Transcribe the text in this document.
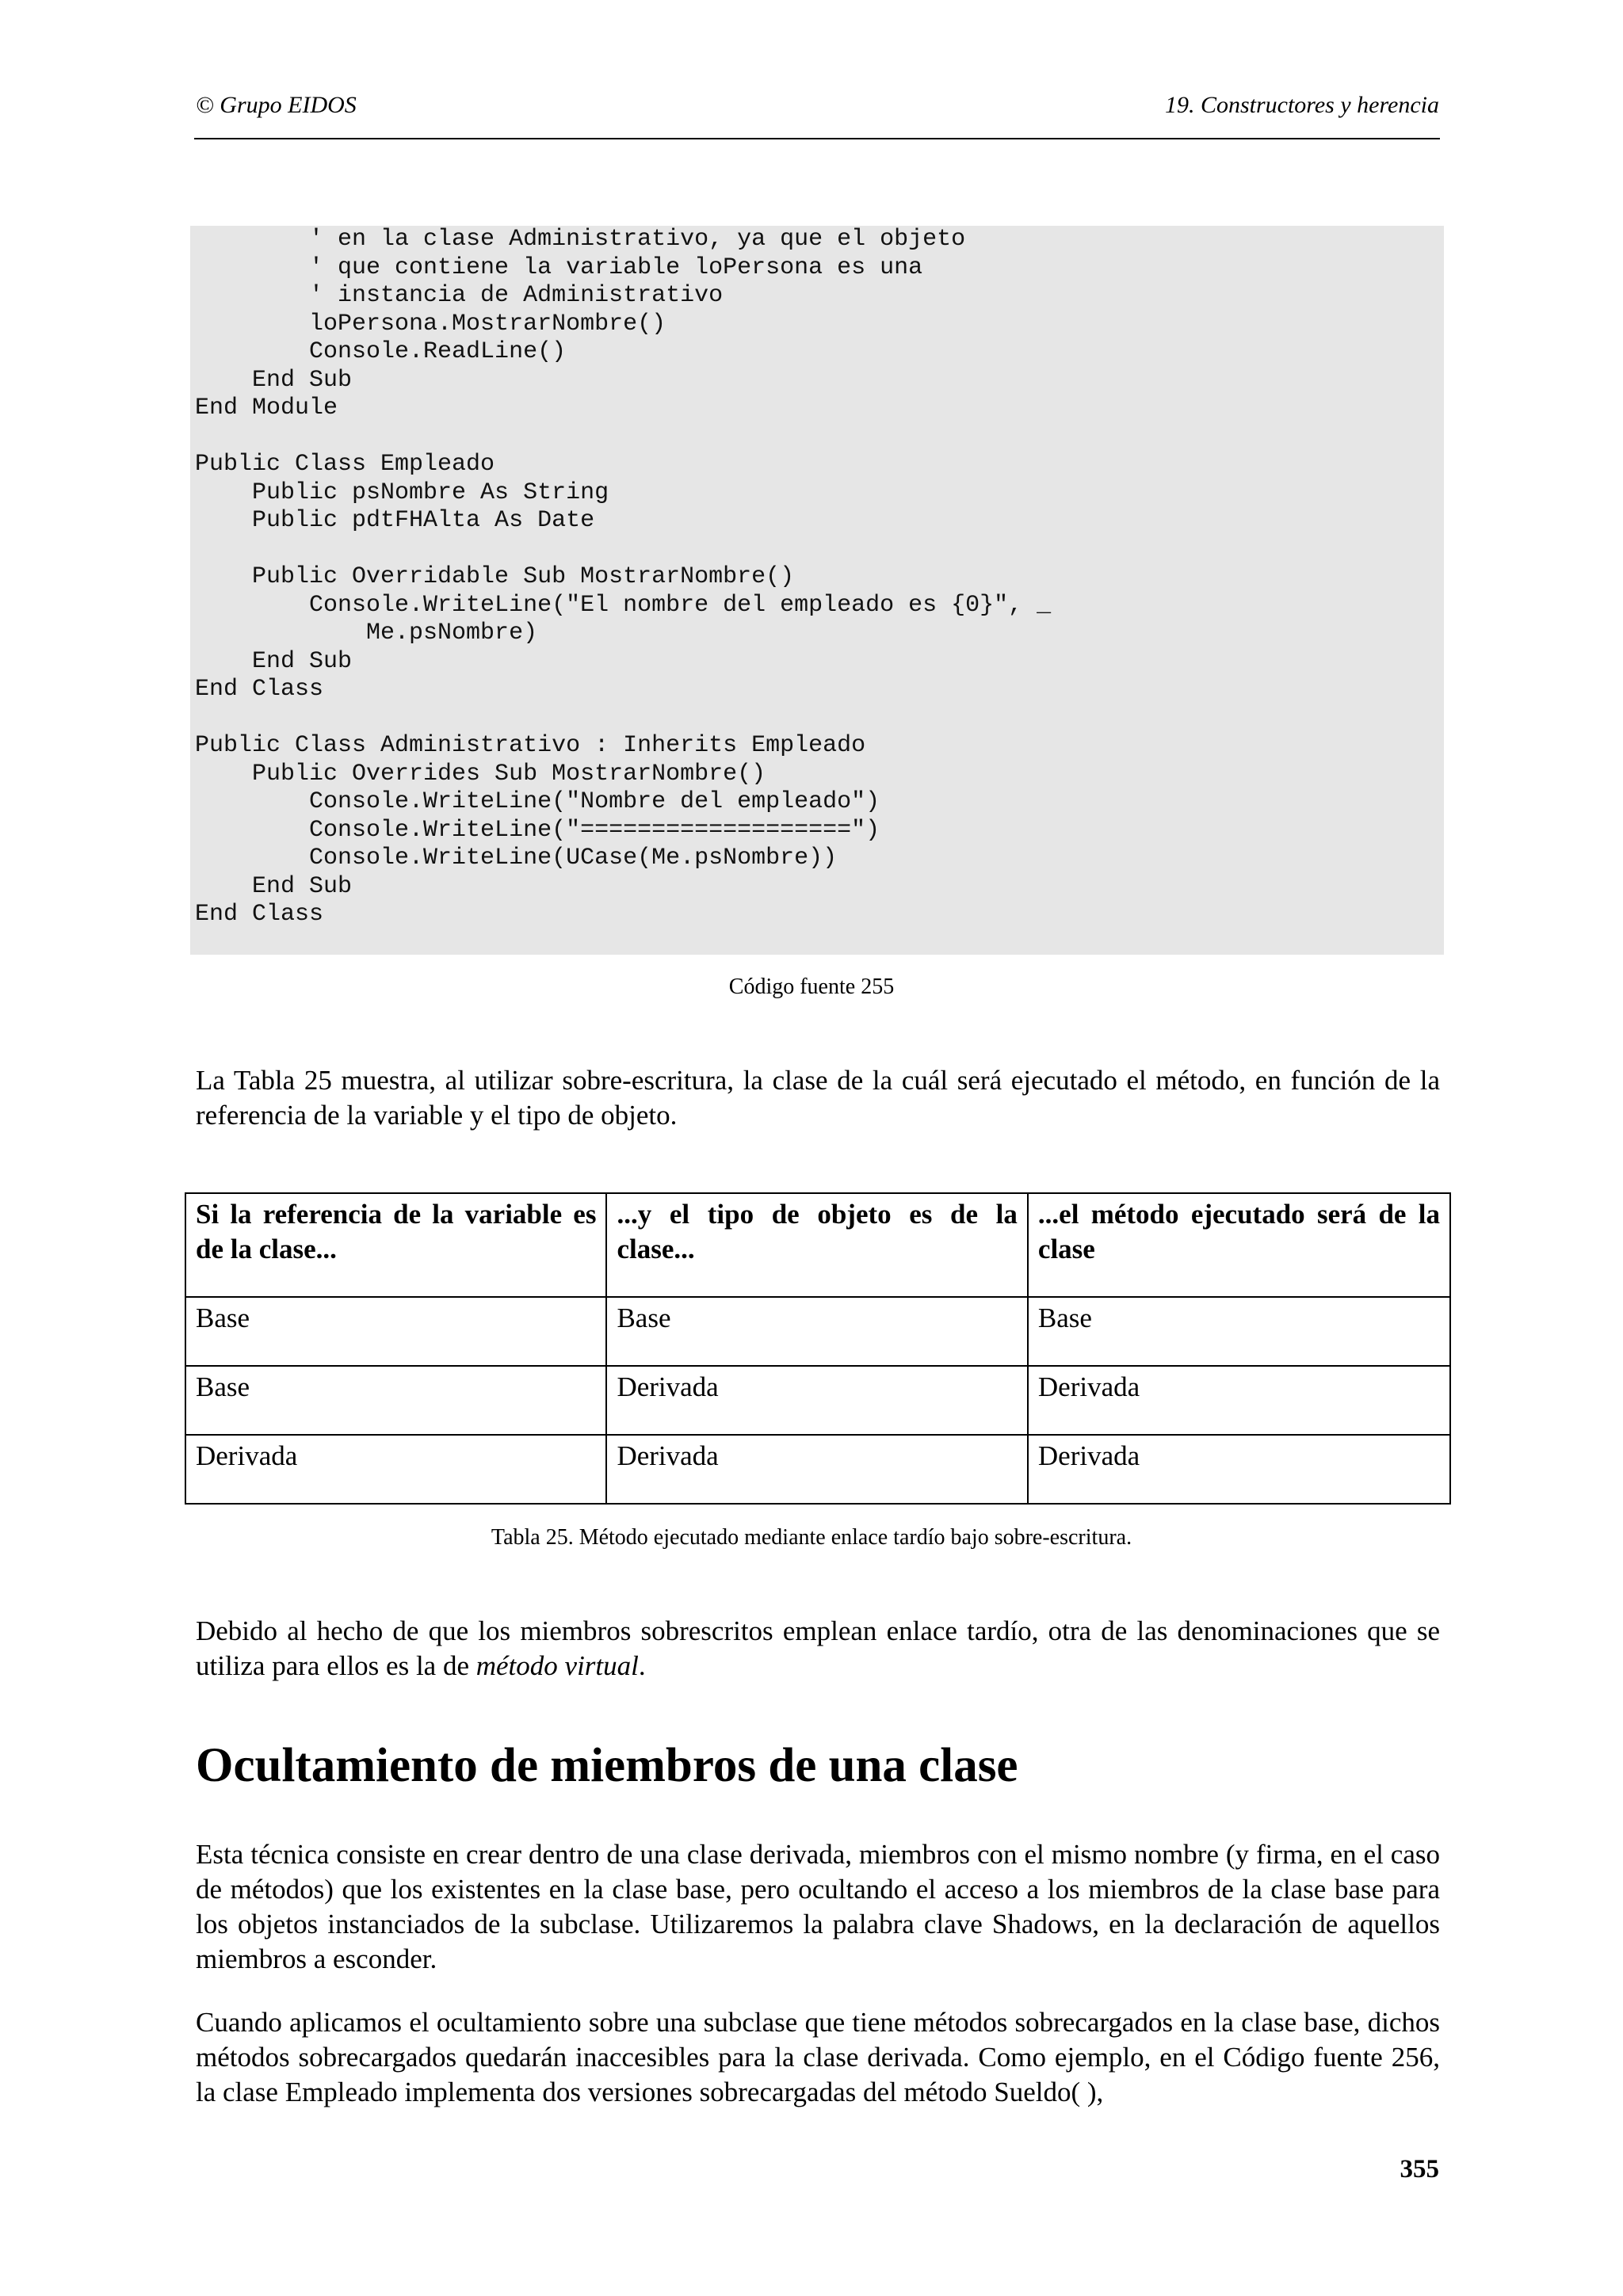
© Grupo EIDOS	19. Constructores y herencia
' en la clase Administrativo, ya que el objeto
' que contiene la variable loPersona es una
' instancia de Administrativo
loPersona.MostrarNombre()
Console.ReadLine()
End Sub
End Module

Public Class Empleado
Public psNombre As String
Public pdtFHAlta As Date

Public Overridable Sub MostrarNombre()
Console.WriteLine("El nombre del empleado es {0}", _
Me.psNombre)
End Sub
End Class

Public Class Administrativo : Inherits Empleado
Public Overrides Sub MostrarNombre()
Console.WriteLine("Nombre del empleado")
Console.WriteLine("===================")
Console.WriteLine(UCase(Me.psNombre))
End Sub
End Class
Código fuente 255

La Tabla 25 muestra, al utilizar sobre-escritura, la clase de la cuál será ejecutado el método, en función de la referencia de la variable y el tipo de objeto.

Si la referencia de la variable es de la clase...	...y el tipo de objeto es de la clase...	...el método ejecutado será de la clase
Base	Base	Base
Base	Derivada	Derivada
Derivada	Derivada	Derivada
Tabla 25. Método ejecutado mediante enlace tardío bajo sobre-escritura.

Debido al hecho de que los miembros sobrescritos emplean enlace tardío, otra de las denominaciones que se utiliza para ellos es la de método virtual.

Ocultamiento de miembros de una clase

Esta técnica consiste en crear dentro de una clase derivada, miembros con el mismo nombre (y firma, en el caso de métodos) que los existentes en la clase base, pero ocultando el acceso a los miembros de la clase base para los objetos instanciados de la subclase. Utilizaremos la palabra clave Shadows, en la declaración de aquellos miembros a esconder.

Cuando aplicamos el ocultamiento sobre una subclase que tiene métodos sobrecargados en la clase base, dichos métodos sobrecargados quedarán inaccesibles para la clase derivada. Como ejemplo, en el Código fuente 256, la clase Empleado implementa dos versiones sobrecargadas del método Sueldo( ),

355
